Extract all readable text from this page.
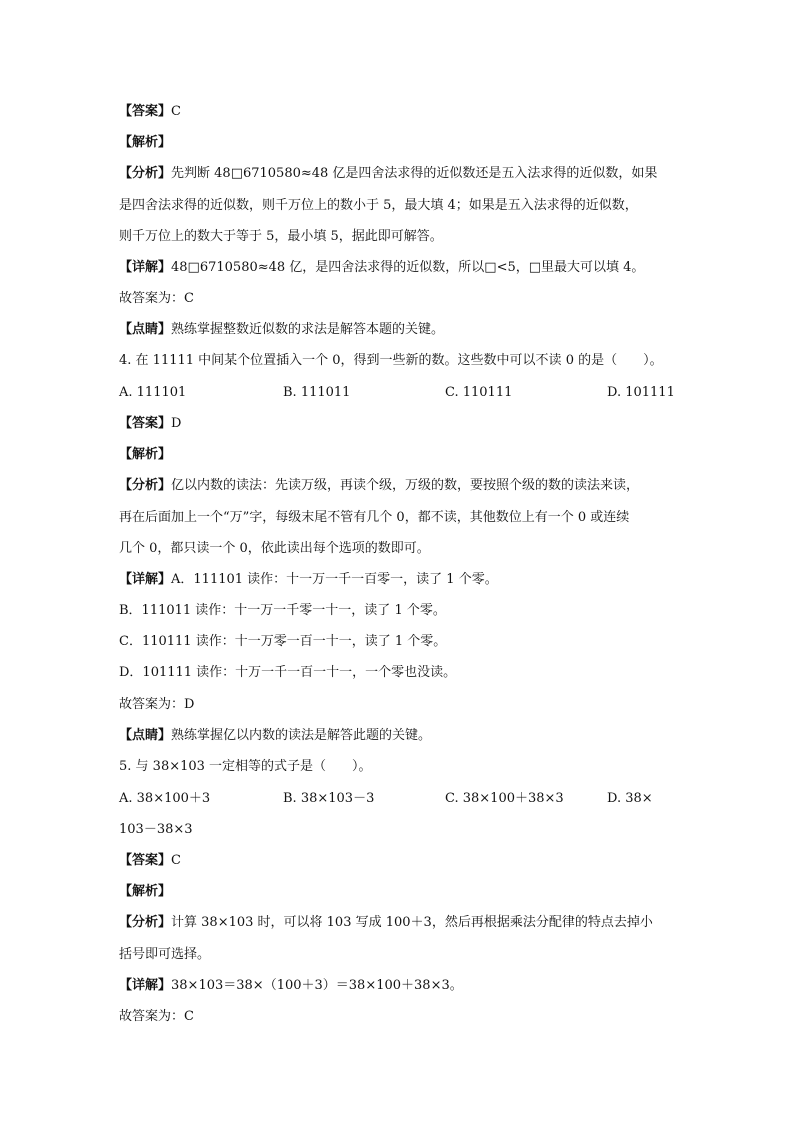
【答案】C
【解析】
【分析】先判断 48□6710580≈48 亿是四舍法求得的近似数还是五入法求得的近似数，如果
是四舍法求得的近似数，则千万位上的数小于 5，最大填 4；如果是五入法求得的近似数，
则千万位上的数大于等于 5，最小填 5，据此即可解答。
【详解】48□6710580≈48 亿，是四舍法求得的近似数，所以□<5，□里最大可以填 4。
故答案为：C
【点睛】熟练掌握整数近似数的求法是解答本题的关键。
4. 在 11111 中间某个位置插入一个 0，得到一些新的数。这些数中可以不读 0 的是（　　）。
A. 111101	B. 111011	C. 110111	D. 101111
【答案】D
【解析】
【分析】亿以内数的读法：先读万级，再读个级，万级的数，要按照个级的数的读法来读，
再在后面加上一个“万”字，每级末尾不管有几个 0，都不读，其他数位上有一个 0 或连续
几个 0，都只读一个 0，依此读出每个选项的数即可。
【详解】A．111101 读作：十一万一千一百零一，读了 1 个零。
B．111011 读作：十一万一千零一十一，读了 1 个零。
C．110111 读作：十一万零一百一十一，读了 1 个零。
D．101111 读作：十万一千一百一十一，一个零也没读。
故答案为：D
【点睛】熟练掌握亿以内数的读法是解答此题的关键。
5. 与 38×103 一定相等的式子是（　　）。
A. 38×100＋3	B. 38×103－3	C. 38×100＋38×3	D. 38×
103－38×3
【答案】C
【解析】
【分析】计算 38×103 时，可以将 103 写成 100＋3，然后再根据乘法分配律的特点去掉小
括号即可选择。
【详解】38×103＝38×（100＋3）＝38×100＋38×3。
故答案为：C
